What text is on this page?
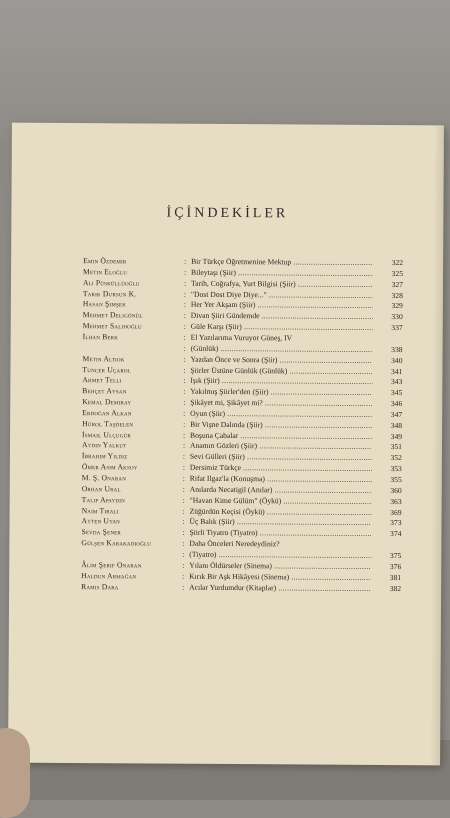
İÇİNDEKİLER
Emin Özdemir	: Bir Türkçe Öğretmenine Mektup .....	322
Metin Eloğlu	: Bileytaşı (Şiir) .....	325
Ali Püsküllüoğlu	: Tarih, Coğrafya, Yurt Bilgisi (Şiir) .....	327
Tarık Dursun K.	: "Dost Dost Diye Diye..." .....	328
Hasan Şimşek	: Her Yer Akşam (Şiir) .....	329
Mehmet Deligönül	: Divan Şiiri Gündemde .....	330
Mehmet Salihoğlu	: Güle Karşı (Şiir) .....	337
İlhan Berk	: El Yazılarıma Vuruyor Güneş, IV
: (Günlük) .....	338
Metin Altıok	: Yazdan Önce ve Sonra (Şiir) .....	340
Tuncer Uçarol	: Şiirler Üstüne Günlük (Günlük) .....	341
Ahmet Telli	: Işık (Şiir) .....	343
Behçet Aysan	: Yakılmış Şiirler'den (Şiir) .....	345
Kemal Demiray	: Şikâyet mi, Şikâyet mi? .....	346
Erdoğan Alkan	: Oyun (Şiir) .....	347
Hürol Taşdelen	: Bir Vişne Dalında (Şiir) .....	348
İsmail Ulçugür	: Boşuna Çabalar .....	349
Aydın Yalkut	: Anamın Gözleri (Şiir) .....	351
İbrahim Yıldız	: Sevi Gülleri (Şiir) .....	352
Ömer Asım Aksoy	: Dersimiz Türkçe .....	353
M. Ş. Onaran	: Rifat Ilgaz'la (Konuşma) .....	355
Orhan Ural	: Anılarda Necatigil (Anılar) .....	360
Talip Apaydın	: "Havan Kime Gülüm" (Öykü) .....	363
Naim Tiralı	: Züğürdün Keçisi (Öykü) .....	369
Ayten Uyan	: Üç Balık (Şiir) .....	373
Sevda Şener	: Şiirli Tiyatro (Tiyatro) .....	374
Gülşen Karakadıoğlu	: Daha Önceleri Neredeydiniz?
: (Tiyatro) .....	375
Âlim Şerif Onaran	: Yılanı Öldürseler (Sinema) .....	376
Haldun Armağan	: Kırık Bir Aşk Hikâyesi (Sinema) .....	381
Ramis Dara	: Acılar Yurdumdur (Kitaplar) .....	382
